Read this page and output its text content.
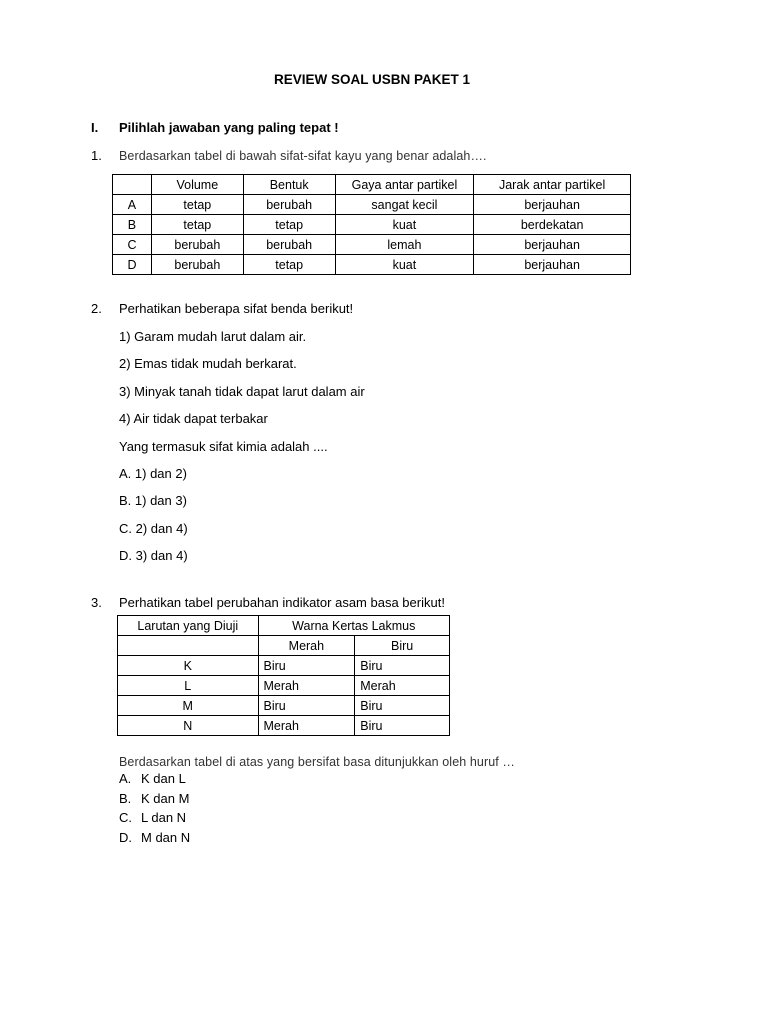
REVIEW SOAL USBN PAKET 1
I. Pilihlah jawaban yang paling tepat !
1. Berdasarkan tabel di bawah sifat-sifat kayu yang benar adalah….
	Volume	Bentuk	Gaya antar partikel	Jarak antar partikel
A	tetap	berubah	sangat kecil	berjauhan
B	tetap	tetap	kuat	berdekatan
C	berubah	berubah	lemah	berjauhan
D	berubah	tetap	kuat	berjauhan
2. Perhatikan beberapa sifat benda berikut!
1) Garam mudah larut dalam air.
2) Emas tidak mudah berkarat.
3) Minyak tanah tidak dapat larut dalam air
4) Air tidak dapat terbakar
Yang termasuk sifat kimia adalah ....
A. 1) dan 2)
B. 1) dan 3)
C. 2) dan 4)
D. 3) dan 4)
3. Perhatikan tabel perubahan indikator asam basa berikut!
Larutan yang Diuji	Warna Kertas Lakmus	
	Merah	Biru
K	Biru	Biru
L	Merah	Merah
M	Biru	Biru
N	Merah	Biru
Berdasarkan tabel di atas yang bersifat basa ditunjukkan oleh huruf …
A. K dan L
B. K dan M
C. L dan N
D. M dan N
